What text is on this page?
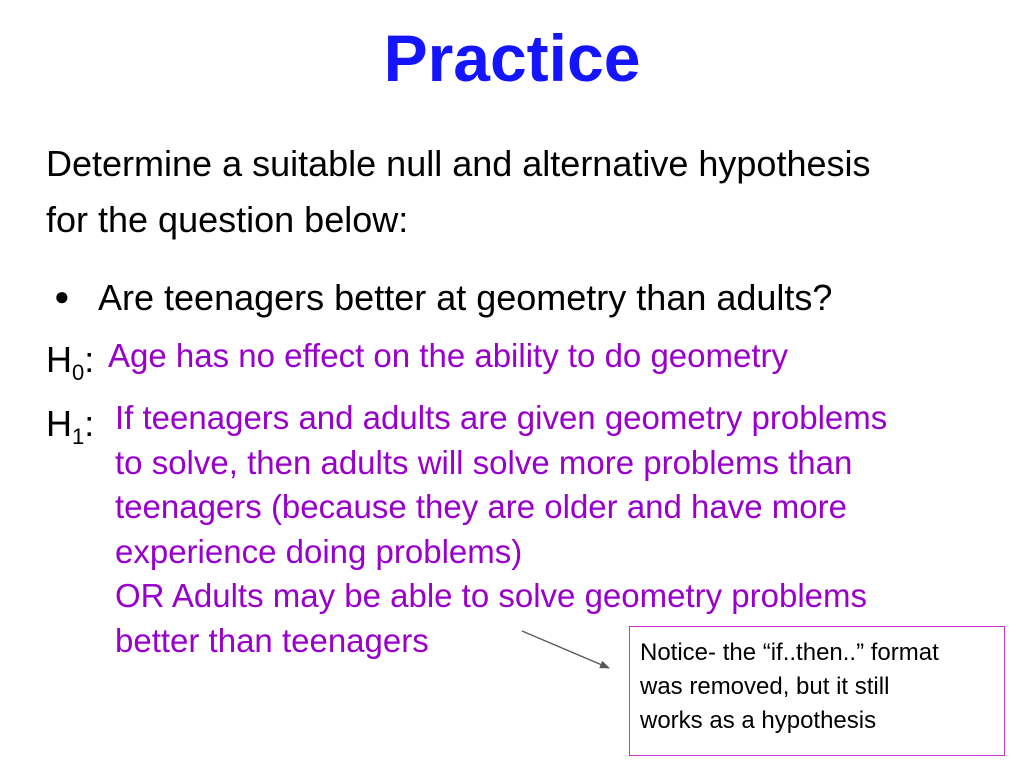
Practice
Determine a suitable null and alternative hypothesis
for the question below:
● Are teenagers better at geometry than adults?
$H_0$: Age has no effect on the ability to do geometry
$H_1$: If teenagers and adults are given geometry problems
to solve, then adults will solve more problems than
teenagers (because they are older and have more
experience doing problems)
OR Adults may be able to solve geometry problems
better than teenagers	Notice- the “if..then..” format
was removed, but it still
works as a hypothesis
